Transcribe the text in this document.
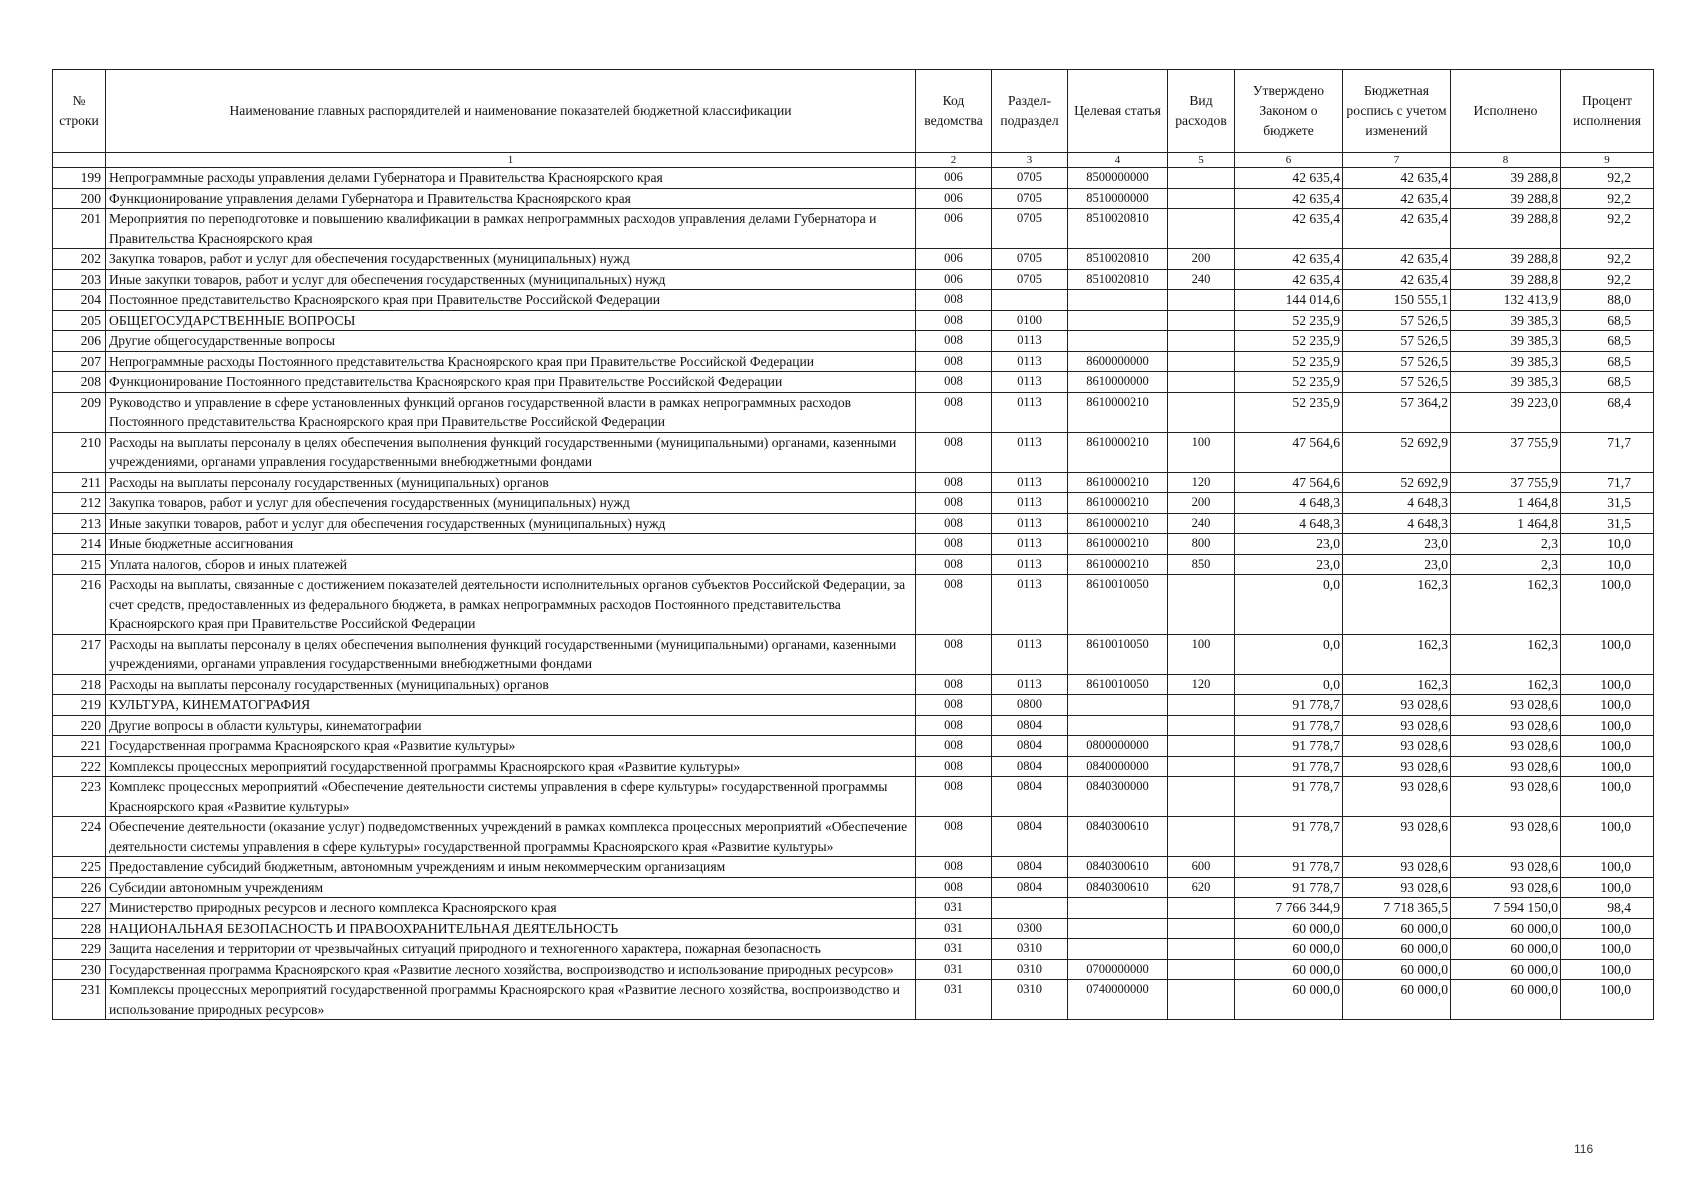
№ строки	Наименование главных распорядителей и наименование показателей бюджетной классификации	Код ведомства	Раздел-подраздел	Целевая статья	Вид расходов	Утверждено Законом о бюджете	Бюджетная роспись с учетом изменений	Исполнено	Процент исполнения
	1	2	3	4	5	6	7	8	9
199	Непрограммные расходы управления делами Губернатора и Правительства Красноярского края	006	0705	8500000000		42 635,4	42 635,4	39 288,8	92,2
200	Функционирование управления делами Губернатора и Правительства Красноярского края	006	0705	8510000000		42 635,4	42 635,4	39 288,8	92,2
201	Мероприятия по переподготовке и повышению квалификации в рамках непрограммных расходов управления делами Губернатора и Правительства Красноярского края	006	0705	8510020810		42 635,4	42 635,4	39 288,8	92,2
202	Закупка товаров, работ и услуг для обеспечения государственных (муниципальных) нужд	006	0705	8510020810	200	42 635,4	42 635,4	39 288,8	92,2
203	Иные закупки товаров, работ и услуг для обеспечения государственных (муниципальных) нужд	006	0705	8510020810	240	42 635,4	42 635,4	39 288,8	92,2
204	Постоянное представительство Красноярского края при Правительстве Российской Федерации	008				144 014,6	150 555,1	132 413,9	88,0
205	ОБЩЕГОСУДАРСТВЕННЫЕ ВОПРОСЫ	008	0100			52 235,9	57 526,5	39 385,3	68,5
206	Другие общегосударственные вопросы	008	0113			52 235,9	57 526,5	39 385,3	68,5
207	Непрограммные расходы Постоянного представительства Красноярского края при Правительстве Российской Федерации	008	0113	8600000000		52 235,9	57 526,5	39 385,3	68,5
208	Функционирование Постоянного представительства Красноярского края при Правительстве Российской Федерации	008	0113	8610000000		52 235,9	57 526,5	39 385,3	68,5
209	Руководство и управление в сфере установленных функций органов государственной власти в рамках непрограммных расходов Постоянного представительства Красноярского края при Правительстве Российской Федерации	008	0113	8610000210		52 235,9	57 364,2	39 223,0	68,4
210	Расходы на выплаты персоналу в целях обеспечения выполнения функций государственными (муниципальными) органами, казенными учреждениями, органами управления государственными внебюджетными фондами	008	0113	8610000210	100	47 564,6	52 692,9	37 755,9	71,7
211	Расходы на выплаты персоналу государственных (муниципальных) органов	008	0113	8610000210	120	47 564,6	52 692,9	37 755,9	71,7
212	Закупка товаров, работ и услуг для обеспечения государственных (муниципальных) нужд	008	0113	8610000210	200	4 648,3	4 648,3	1 464,8	31,5
213	Иные закупки товаров, работ и услуг для обеспечения государственных (муниципальных) нужд	008	0113	8610000210	240	4 648,3	4 648,3	1 464,8	31,5
214	Иные бюджетные ассигнования	008	0113	8610000210	800	23,0	23,0	2,3	10,0
215	Уплата налогов, сборов и иных платежей	008	0113	8610000210	850	23,0	23,0	2,3	10,0
216	Расходы на выплаты, связанные с достижением показателей деятельности исполнительных органов субъектов Российской Федерации, за счет средств, предоставленных из федерального бюджета, в рамках непрограммных расходов Постоянного представительства Красноярского края при Правительстве Российской Федерации	008	0113	8610010050		0,0	162,3	162,3	100,0
217	Расходы на выплаты персоналу в целях обеспечения выполнения функций государственными (муниципальными) органами, казенными учреждениями, органами управления государственными внебюджетными фондами	008	0113	8610010050	100	0,0	162,3	162,3	100,0
218	Расходы на выплаты персоналу государственных (муниципальных) органов	008	0113	8610010050	120	0,0	162,3	162,3	100,0
219	КУЛЬТУРА, КИНЕМАТОГРАФИЯ	008	0800			91 778,7	93 028,6	93 028,6	100,0
220	Другие вопросы в области культуры, кинематографии	008	0804			91 778,7	93 028,6	93 028,6	100,0
221	Государственная программа Красноярского края «Развитие культуры»	008	0804	0800000000		91 778,7	93 028,6	93 028,6	100,0
222	Комплексы процессных мероприятий государственной программы Красноярского края «Развитие культуры»	008	0804	0840000000		91 778,7	93 028,6	93 028,6	100,0
223	Комплекс процессных мероприятий «Обеспечение деятельности системы управления в сфере культуры» государственной программы Красноярского края «Развитие культуры»	008	0804	0840300000		91 778,7	93 028,6	93 028,6	100,0
224	Обеспечение деятельности (оказание услуг) подведомственных учреждений в рамках комплекса процессных мероприятий «Обеспечение деятельности системы управления в сфере культуры» государственной программы Красноярского края «Развитие культуры»	008	0804	0840300610		91 778,7	93 028,6	93 028,6	100,0
225	Предоставление субсидий бюджетным, автономным учреждениям и иным некоммерческим организациям	008	0804	0840300610	600	91 778,7	93 028,6	93 028,6	100,0
226	Субсидии автономным учреждениям	008	0804	0840300610	620	91 778,7	93 028,6	93 028,6	100,0
227	Министерство природных ресурсов и лесного комплекса Красноярского края	031				7 766 344,9	7 718 365,5	7 594 150,0	98,4
228	НАЦИОНАЛЬНАЯ БЕЗОПАСНОСТЬ И ПРАВООХРАНИТЕЛЬНАЯ ДЕЯТЕЛЬНОСТЬ	031	0300			60 000,0	60 000,0	60 000,0	100,0
229	Защита населения и территории от чрезвычайных ситуаций природного и техногенного характера, пожарная безопасность	031	0310			60 000,0	60 000,0	60 000,0	100,0
230	Государственная программа Красноярского края «Развитие лесного хозяйства, воспроизводство и использование природных ресурсов»	031	0310	0700000000		60 000,0	60 000,0	60 000,0	100,0
231	Комплексы процессных мероприятий государственной программы Красноярского края «Развитие лесного хозяйства, воспроизводство и использование природных ресурсов»	031	0310	0740000000		60 000,0	60 000,0	60 000,0	100,0
116
